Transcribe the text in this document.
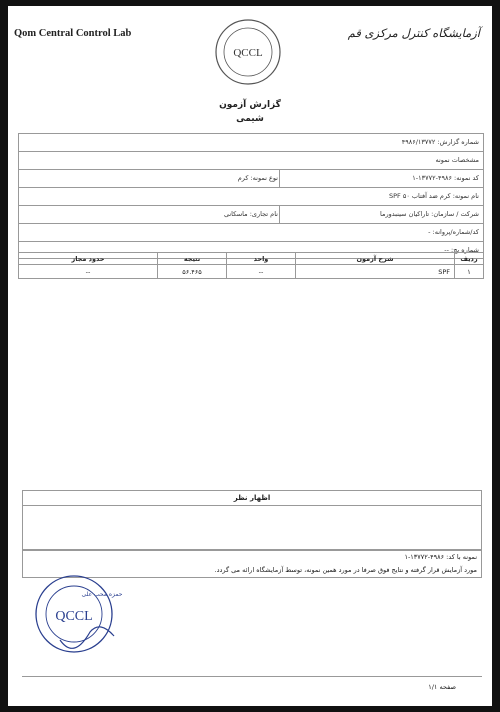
Qom Central Control Lab	آزمایشگاه کنترل مرکزی قم
QCCL
گزارش آزمون
شیمی
شماره گزارش: ۴۹۸۶/۱۳۷۷۲
مشخصات نمونه
کد نمونه: ۴۹۸۶-۱۳۷۷۲-۱
نوع نمونه: کرم
نام نمونه: کرم ضد آفتاب SPF ۵۰
شرکت / سازمان: تاراکیان سینبدورما
نام تجاری: ماسکانی
کد/شماره/پروانه: -
شماره بچ: --
ردیف	شرح آزمون	واحد	نتیجه	حدود مجاز
۱	SPF	--	۵۶.۴۶۵	--
اظهار نظر
نمونه با کد: ۴۹۸۶-۱۳۷۷۲-۱
مورد آزمایش قرار گرفته و نتایج فوق صرفا در مورد همین نمونه، توسط آزمایشگاه ارائه می گردد.
QCCL
حمزه محب علی
صفحه ۱/۱
